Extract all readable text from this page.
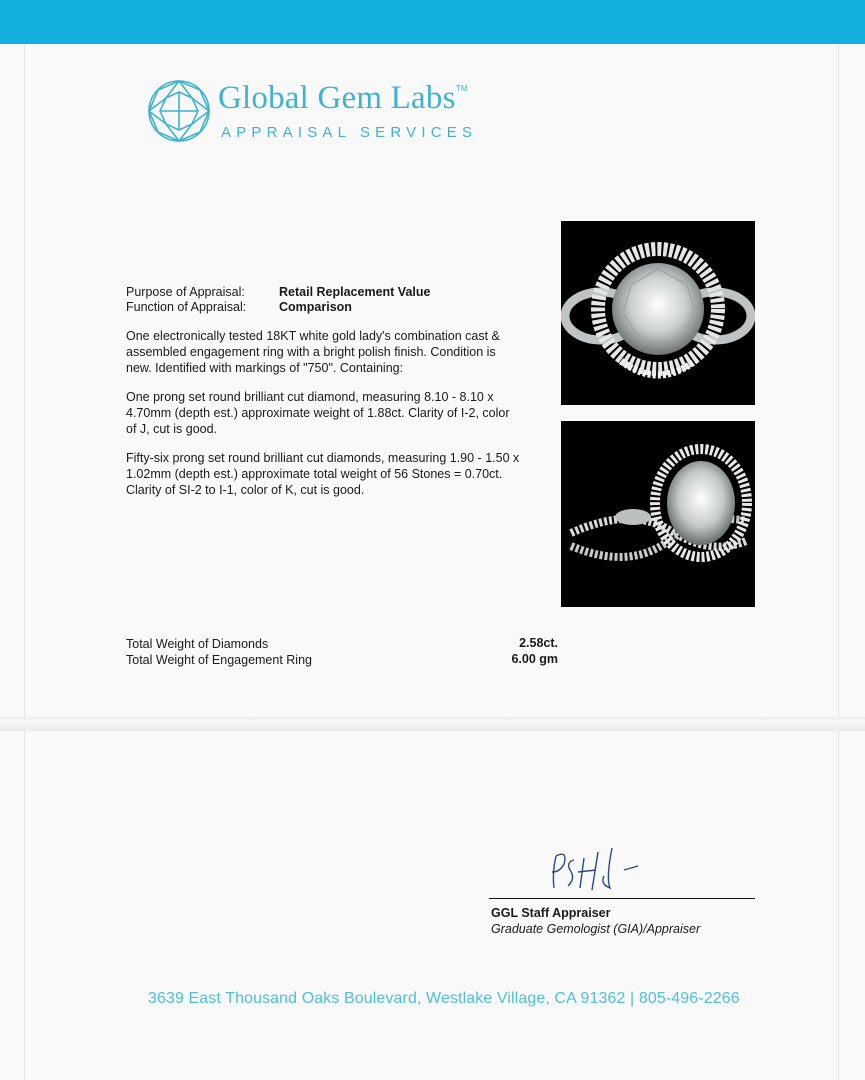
Global Gem Labs TM
APPRAISAL SERVICES
Purpose of Appraisal:	Retail Replacement Value
Function of Appraisal:	Comparison
One electronically tested 18KT white gold lady's combination cast & assembled engagement ring with a bright polish finish. Condition is new. Identified with markings of "750". Containing:
One prong set round brilliant cut diamond, measuring 8.10 - 8.10 x 4.70mm (depth est.) approximate weight of 1.88ct. Clarity of I-2, color of J, cut is good.
Fifty-six prong set round brilliant cut diamonds, measuring 1.90 - 1.50 x 1.02mm (depth est.) approximate total weight of 56 Stones = 0.70ct. Clarity of SI-2 to I-1, color of K, cut is good.
Total Weight of Diamonds	2.58ct.
Total Weight of Engagement Ring	6.00 gm
GGL Staff Appraiser
Graduate Gemologist (GIA)/Appraiser
3639 East Thousand Oaks Boulevard, Westlake Village, CA 91362 | 805-496-2266
